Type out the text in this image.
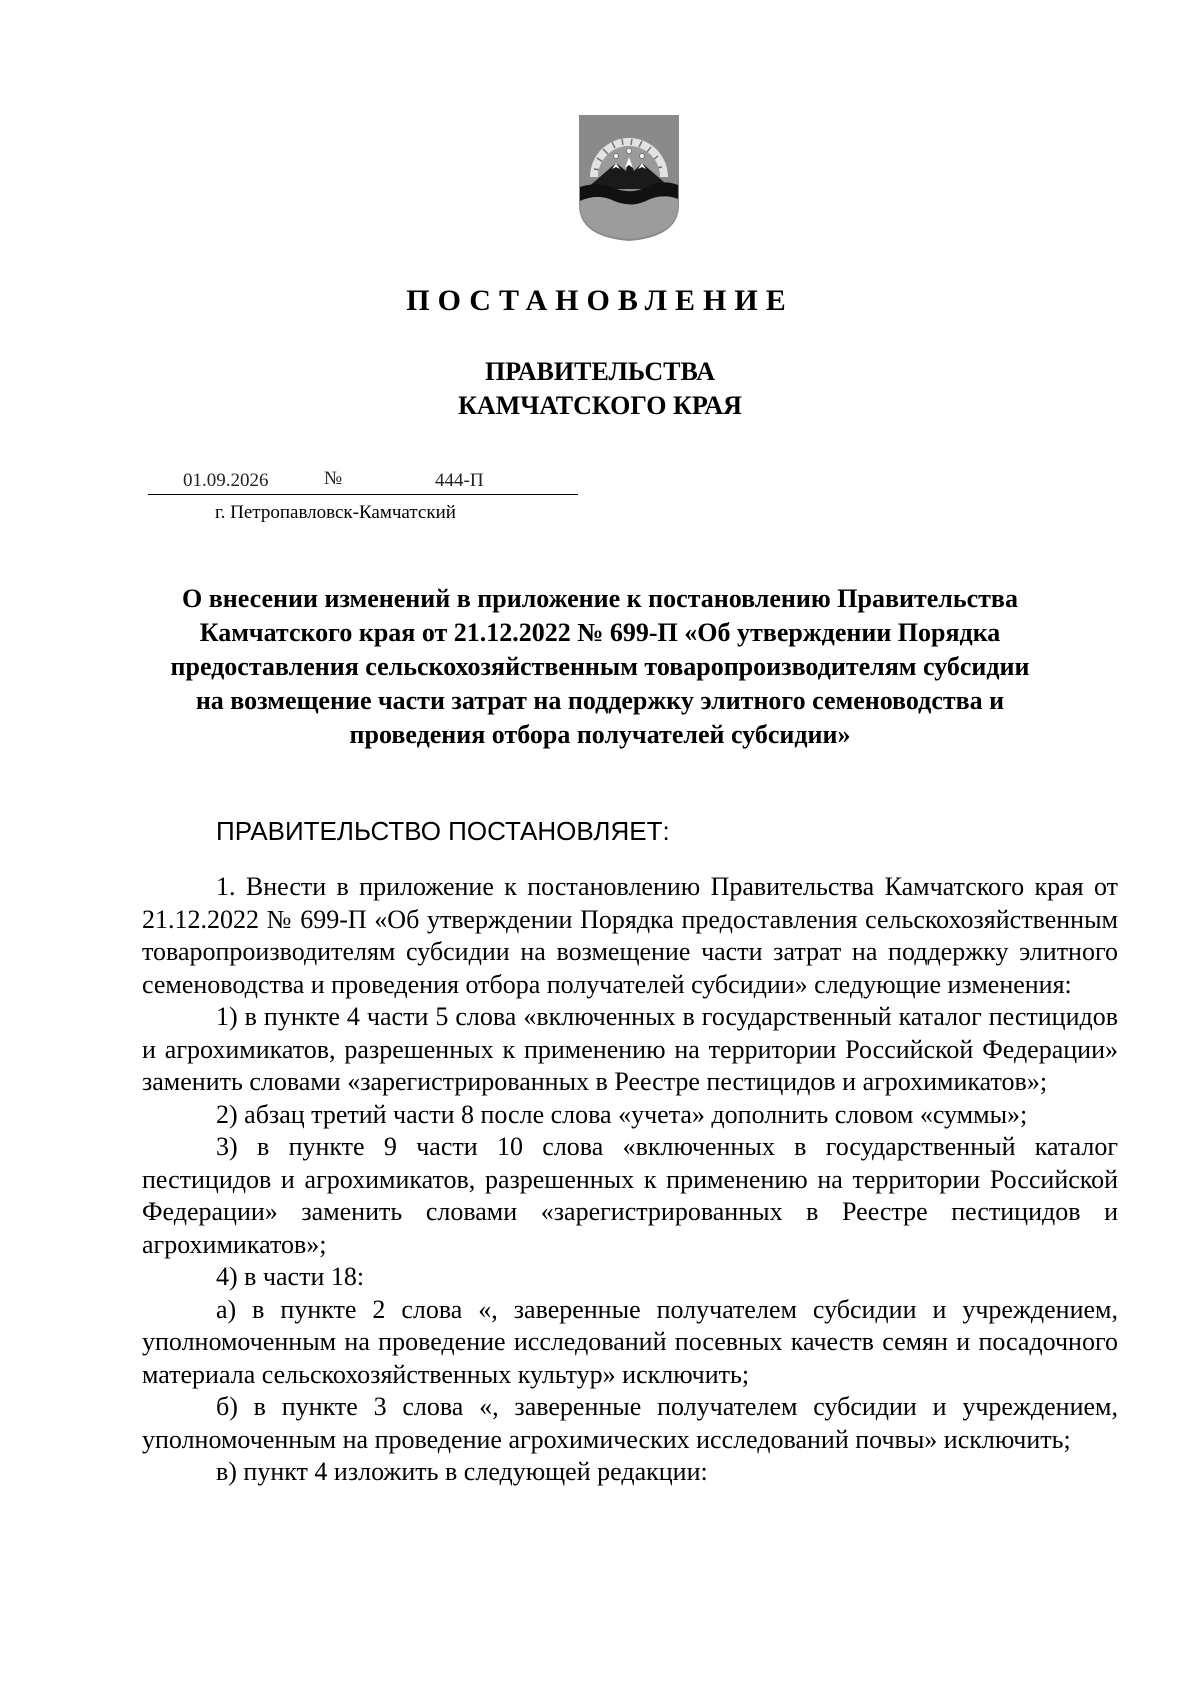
ПОСТАНОВЛЕНИЕ
ПРАВИТЕЛЬСТВА
КАМЧАТСКОГО КРАЯ
01.09.2026	№	444-П
г. Петропавловск-Камчатский
О внесении изменений в приложение к постановлению Правительства
Камчатского края от 21.12.2022 № 699-П «Об утверждении Порядка
предоставления сельскохозяйственным товаропроизводителям субсидии
на возмещение части затрат на поддержку элитного семеноводства и
проведения отбора получателей субсидии»
ПРАВИТЕЛЬСТВО ПОСТАНОВЛЯЕТ:

1. Внести в приложение к постановлению Правительства Камчатского края от 21.12.2022 № 699-П «Об утверждении Порядка предоставления сельскохозяйственным товаропроизводителям субсидии на возмещение части затрат на поддержку элитного семеноводства и проведения отбора получателей субсидии» следующие изменения:

1) в пункте 4 части 5 слова «включенных в государственный каталог пестицидов и агрохимикатов, разрешенных к применению на территории Российской Федерации» заменить словами «зарегистрированных в Реестре пестицидов и агрохимикатов»;

2) абзац третий части 8 после слова «учета» дополнить словом «суммы»;

3) в пункте 9 части 10 слова «включенных в государственный каталог пестицидов и агрохимикатов, разрешенных к применению на территории Российской Федерации» заменить словами «зарегистрированных в Реестре пестицидов и агрохимикатов»;

4) в части 18:

а) в пункте 2 слова «, заверенные получателем субсидии и учреждением, уполномоченным на проведение исследований посевных качеств семян и посадочного материала сельскохозяйственных культур» исключить;

б) в пункте 3 слова «, заверенные получателем субсидии и учреждением, уполномоченным на проведение агрохимических исследований почвы» исключить;

в) пункт 4 изложить в следующей редакции:
